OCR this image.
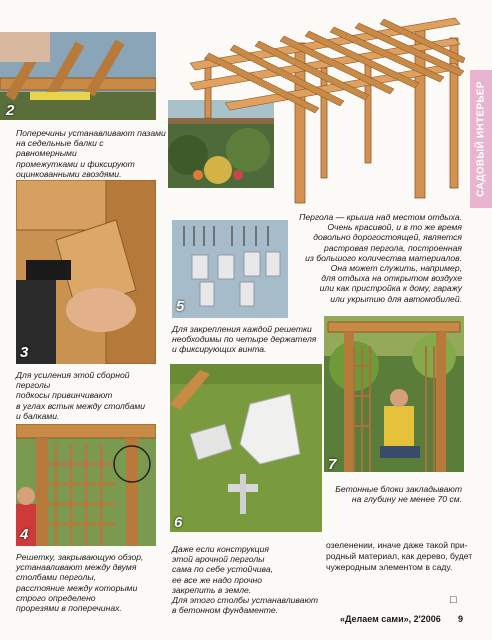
2
Поперечины устанавливают пазами
на седельные балки с равномерными
промежутками и фиксируют
оцинкованными гвоздями.	САДОВЫЙ ИНТЕРЬЕР
Пергола — крыша над местом отдыха.
Очень красивой, и в то же время
довольно дорогостоящей, является
растровая пергола, построенная
из большого количества материалов.
Она может служить, например,
для отдыха на открытом воздухе
или как пристройка к дому, гаражу
или укрытию для автомобилей.
3
Для усиления этой сборной перголы
подкосы привинчивают
в углах встык между столбами
и балками.
5
Для закрепления каждой решетки
необходимы по четыре держателя
и фиксирующих винта.
7
Бетонные блоки закладывают
на глубину не менее 70 см.
6
Даже если конструкция
этой арочной перголы
сама по себе устойчива,
ее все же надо прочно
закрепить в земле.
Для этого столбы устанавливают
в бетонном фундаменте.
4
Решетку, закрывающую обзор,
устанавливают между двумя
столбами перголы,
расстояние между которыми
строго определено
прорезями в поперечинах.
озеленении, иначе даже такой при-
родный материал, как дерево, будет
чужеродным элементом в саду.
□
«Делаем сами», 2'2006 9
